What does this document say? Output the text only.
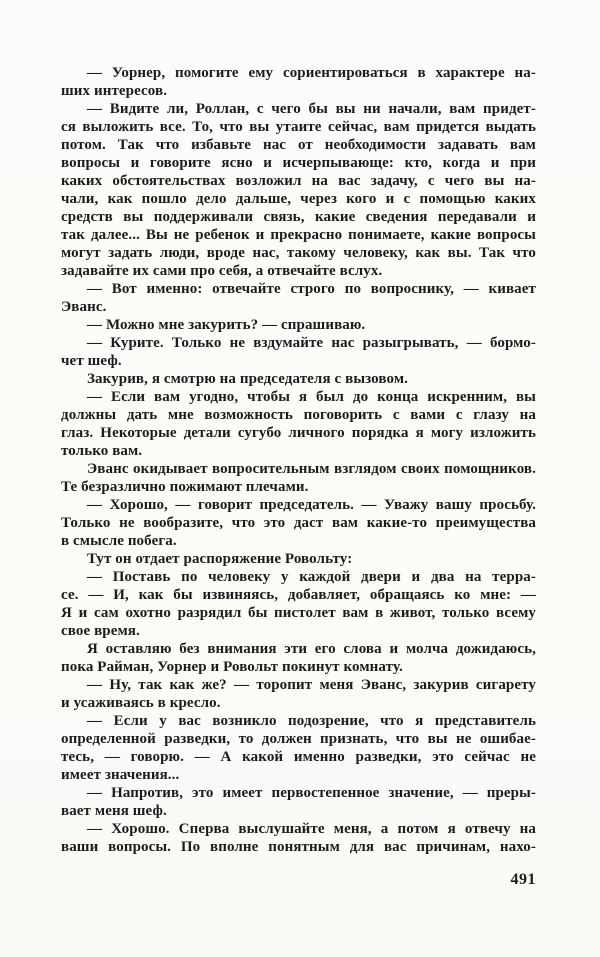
— Уорнер, помогите ему сориентироваться в характере на-
ших интересов.
— Видите ли, Роллан, с чего бы вы ни начали, вам придет-
ся выложить все. То, что вы утаите сейчас, вам придется выдать
потом. Так что избавьте нас от необходимости задавать вам
вопросы и говорите ясно и исчерпывающе: кто, когда и при
каких обстоятельствах возложил на вас задачу, с чего вы на-
чали, как пошло дело дальше, через кого и с помощью каких
средств вы поддерживали связь, какие сведения передавали и
так далее... Вы не ребенок и прекрасно понимаете, какие вопросы
могут задать люди, вроде нас, такому человеку, как вы. Так что
задавайте их сами про себя, а отвечайте вслух.
— Вот именно: отвечайте строго по вопроснику, — кивает
Эванс.
— Можно мне закурить? — спрашиваю.
— Курите. Только не вздумайте нас разыгрывать, — бормо-
чет шеф.
Закурив, я смотрю на председателя с вызовом.
— Если вам угодно, чтобы я был до конца искренним, вы
должны дать мне возможность поговорить с вами с глазу на
глаз. Некоторые детали сугубо личного порядка я могу изложить
только вам.
Эванс окидывает вопросительным взглядом своих помощников.
Те безразлично пожимают плечами.
— Хорошо, — говорит председатель. — Уважу вашу просьбу.
Только не вообразите, что это даст вам какие-то преимущества
в смысле побега.
Тут он отдает распоряжение Ровольту:
— Поставь по человеку у каждой двери и два на терра-
се. — И, как бы извиняясь, добавляет, обращаясь ко мне: —
Я и сам охотно разрядил бы пистолет вам в живот, только всему
свое время.
Я оставляю без внимания эти его слова и молча дожидаюсь,
пока Райман, Уорнер и Ровольт покинут комнату.
— Ну, так как же? — торопит меня Эванс, закурив сигарету
и усаживаясь в кресло.
— Если у вас возникло подозрение, что я представитель
определенной разведки, то должен признать, что вы не ошибае-
тесь, — говорю. — А какой именно разведки, это сейчас не
имеет значения...
— Напротив, это имеет первостепенное значение, — преры-
вает меня шеф.
— Хорошо. Сперва выслушайте меня, а потом я отвечу на
ваши вопросы. По вполне понятным для вас причинам, нахо-
491
